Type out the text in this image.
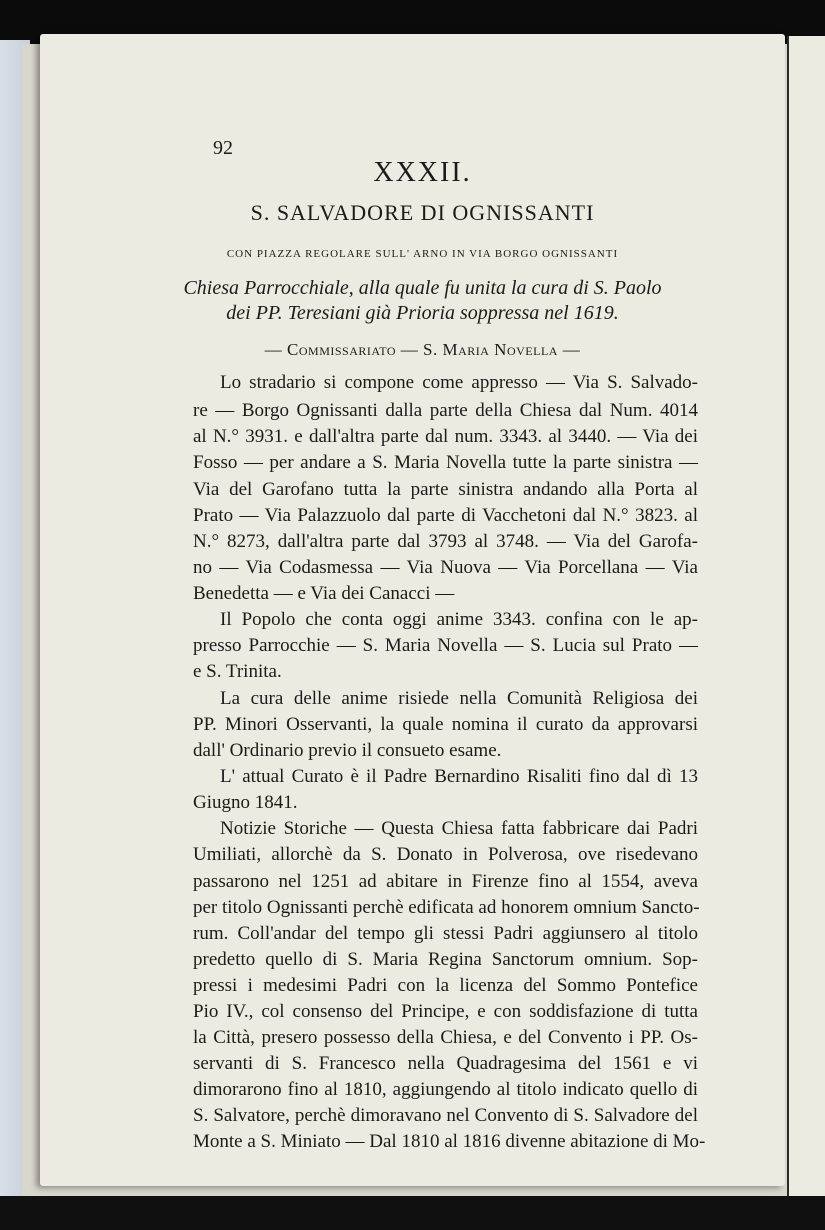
92
XXXII.
S. SALVADORE DI OGNISSANTI
CON PIAZZA REGOLARE SULL' ARNO IN VIA BORGO OGNISSANTI
Chiesa Parrocchiale, alla quale fu unita la cura di S. Paolo
dei PP. Teresiani già Prioria soppressa nel 1619.
— Commissariato — S. Maria Novella —
Lo stradario si compone come appresso — Via S. Salvado-
re — Borgo Ognissanti dalla parte della Chiesa dal Num. 4014
al N.° 3931. e dall'altra parte dal num. 3343. al 3440. — Via dei
Fosso — per andare a S. Maria Novella tutte la parte sinistra —
Via del Garofano tutta la parte sinistra andando alla Porta al
Prato — Via Palazzuolo dal parte di Vacchetoni dal N.° 3823. al
N.° 8273, dall'altra parte dal 3793 al 3748. — Via del Garofa-
no — Via Codasmessa — Via Nuova — Via Porcellana — Via
Benedetta — e Via dei Canacci —
Il Popolo che conta oggi anime 3343. confina con le ap-
presso Parrocchie — S. Maria Novella — S. Lucia sul Prato —
e S. Trinita.
La cura delle anime risiede nella Comunità Religiosa dei
PP. Minori Osservanti, la quale nomina il curato da approvarsi
dall' Ordinario previo il consueto esame.
L' attual Curato è il Padre Bernardino Risaliti fino dal dì 13
Giugno 1841.
Notizie Storiche — Questa Chiesa fatta fabbricare dai Padri
Umiliati, allorchè da S. Donato in Polverosa, ove risedevano
passarono nel 1251 ad abitare in Firenze fino al 1554, aveva
per titolo Ognissanti perchè edificata ad honorem omnium Sancto-
rum. Coll'andar del tempo gli stessi Padri aggiunsero al titolo
predetto quello di S. Maria Regina Sanctorum omnium. Sop-
pressi i medesimi Padri con la licenza del Sommo Pontefice
Pio IV., col consenso del Principe, e con soddisfazione di tutta
la Città, presero possesso della Chiesa, e del Convento i PP. Os-
servanti di S. Francesco nella Quadragesima del 1561 e vi
dimorarono fino al 1810, aggiungendo al titolo indicato quello di
S. Salvatore, perchè dimoravano nel Convento di S. Salvadore del
Monte a S. Miniato — Dal 1810 al 1816 divenne abitazione di Mo-
